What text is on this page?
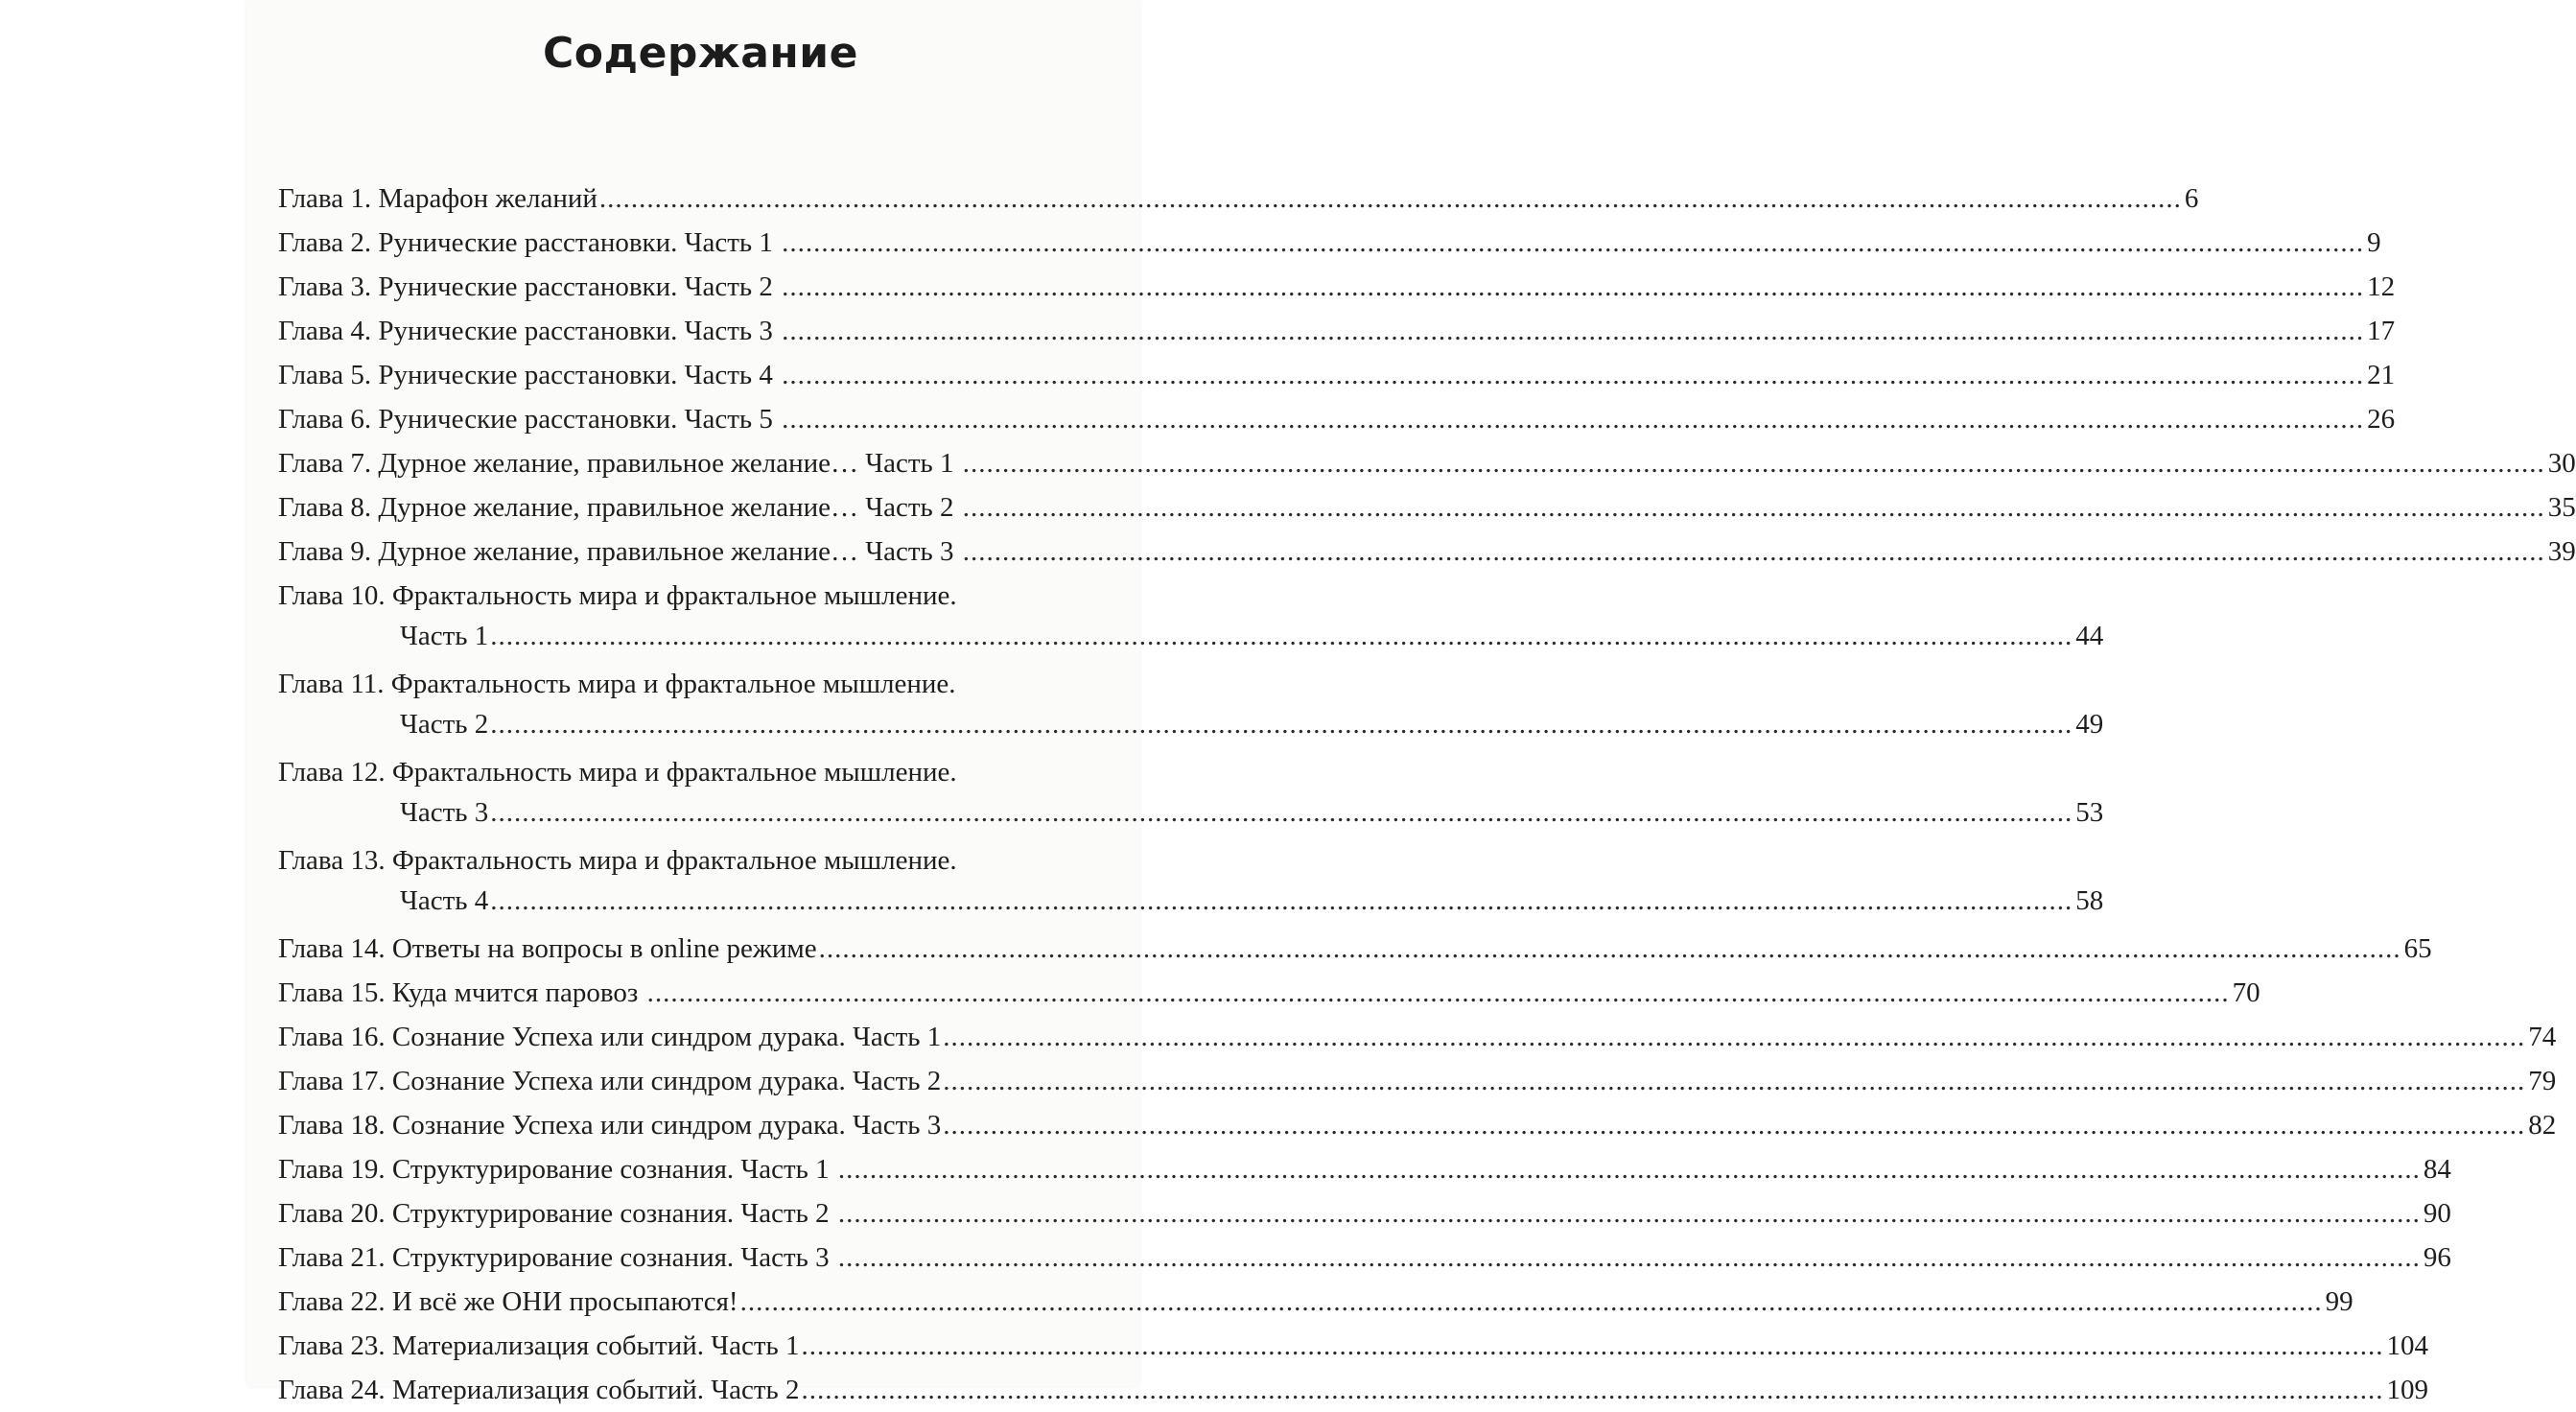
Содержание
Глава 1. Марафон желаний .....	6
Глава 2. Рунические расстановки. Часть 1 .....	9
Глава 3. Рунические расстановки. Часть 2 .....	12
Глава 4. Рунические расстановки. Часть 3 .....	17
Глава 5. Рунические расстановки. Часть 4 .....	21
Глава 6. Рунические расстановки. Часть 5 .....	26
Глава 7. Дурное желание, правильное желание… Часть 1 .....	30
Глава 8. Дурное желание, правильное желание… Часть 2 .....	35
Глава 9. Дурное желание, правильное желание… Часть 3 .....	39
Глава 10. Фрактальность мира и фрактальное мышление.
Часть 1 .....	44
Глава 11. Фрактальность мира и фрактальное мышление.
Часть 2 .....	49
Глава 12. Фрактальность мира и фрактальное мышление.
Часть 3 .....	53
Глава 13. Фрактальность мира и фрактальное мышление.
Часть 4 .....	58
Глава 14. Ответы на вопросы в online режиме .....	65
Глава 15. Куда мчится паровоз .....	70
Глава 16. Сознание Успеха или синдром дурака. Часть 1 .....	74
Глава 17. Сознание Успеха или синдром дурака. Часть 2 .....	79
Глава 18. Сознание Успеха или синдром дурака. Часть 3 .....	82
Глава 19. Структурирование сознания. Часть 1 .....	84
Глава 20. Структурирование сознания. Часть 2 .....	90
Глава 21. Структурирование сознания. Часть 3 .....	96
Глава 22. И всё же ОНИ просыпаются! .....	99
Глава 23. Материализация событий. Часть 1 .....	104
Глава 24. Материализация событий. Часть 2 .....	109
